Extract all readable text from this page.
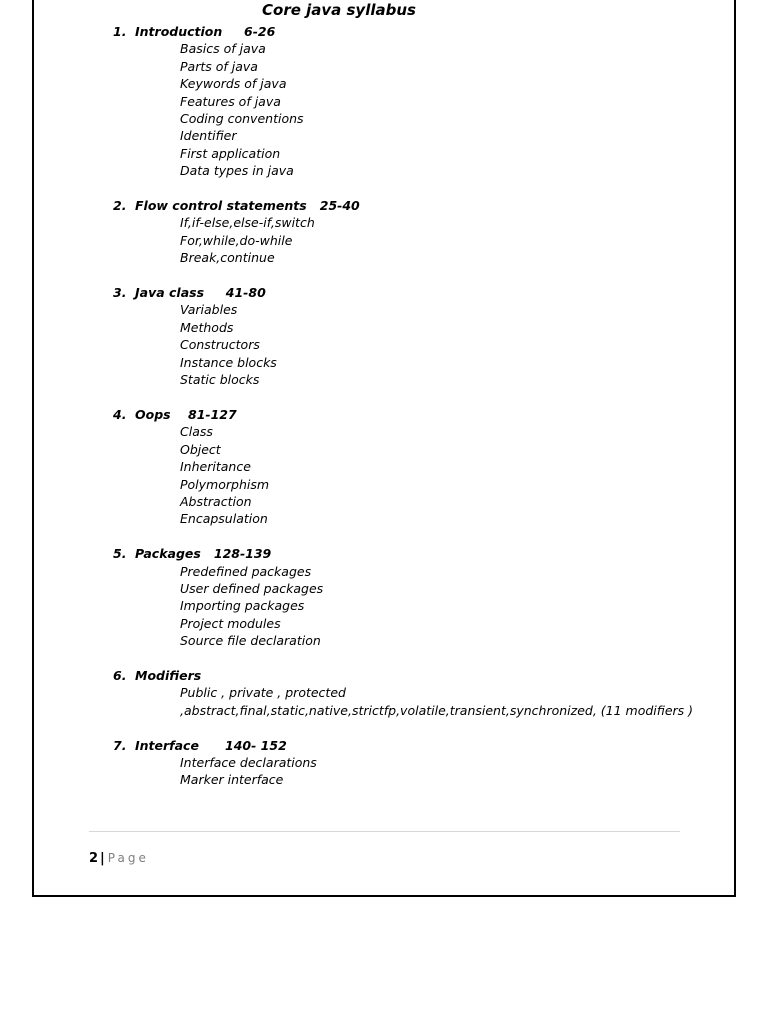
Core java syllabus
1. Introduction     6-26
Basics of java
Parts of java
Keywords of java
Features of java
Coding conventions
Identifier
First application
Data types in java
2. Flow control statements   25-40
If,if-else,else-if,switch
For,while,do-while
Break,continue
3. Java class     41-80
Variables
Methods
Constructors
Instance blocks
Static blocks
4. Oops    81-127
Class
Object
Inheritance
Polymorphism
Abstraction
Encapsulation
5. Packages   128-139
Predefined packages
User defined packages
Importing packages
Project modules
Source file declaration
6. Modifiers
Public , private , protected
,abstract,final,static,native,strictfp,volatile,transient,synchronized, (11 modifiers )
7. Interface      140- 152
Interface declarations
Marker interface
2 | Page
